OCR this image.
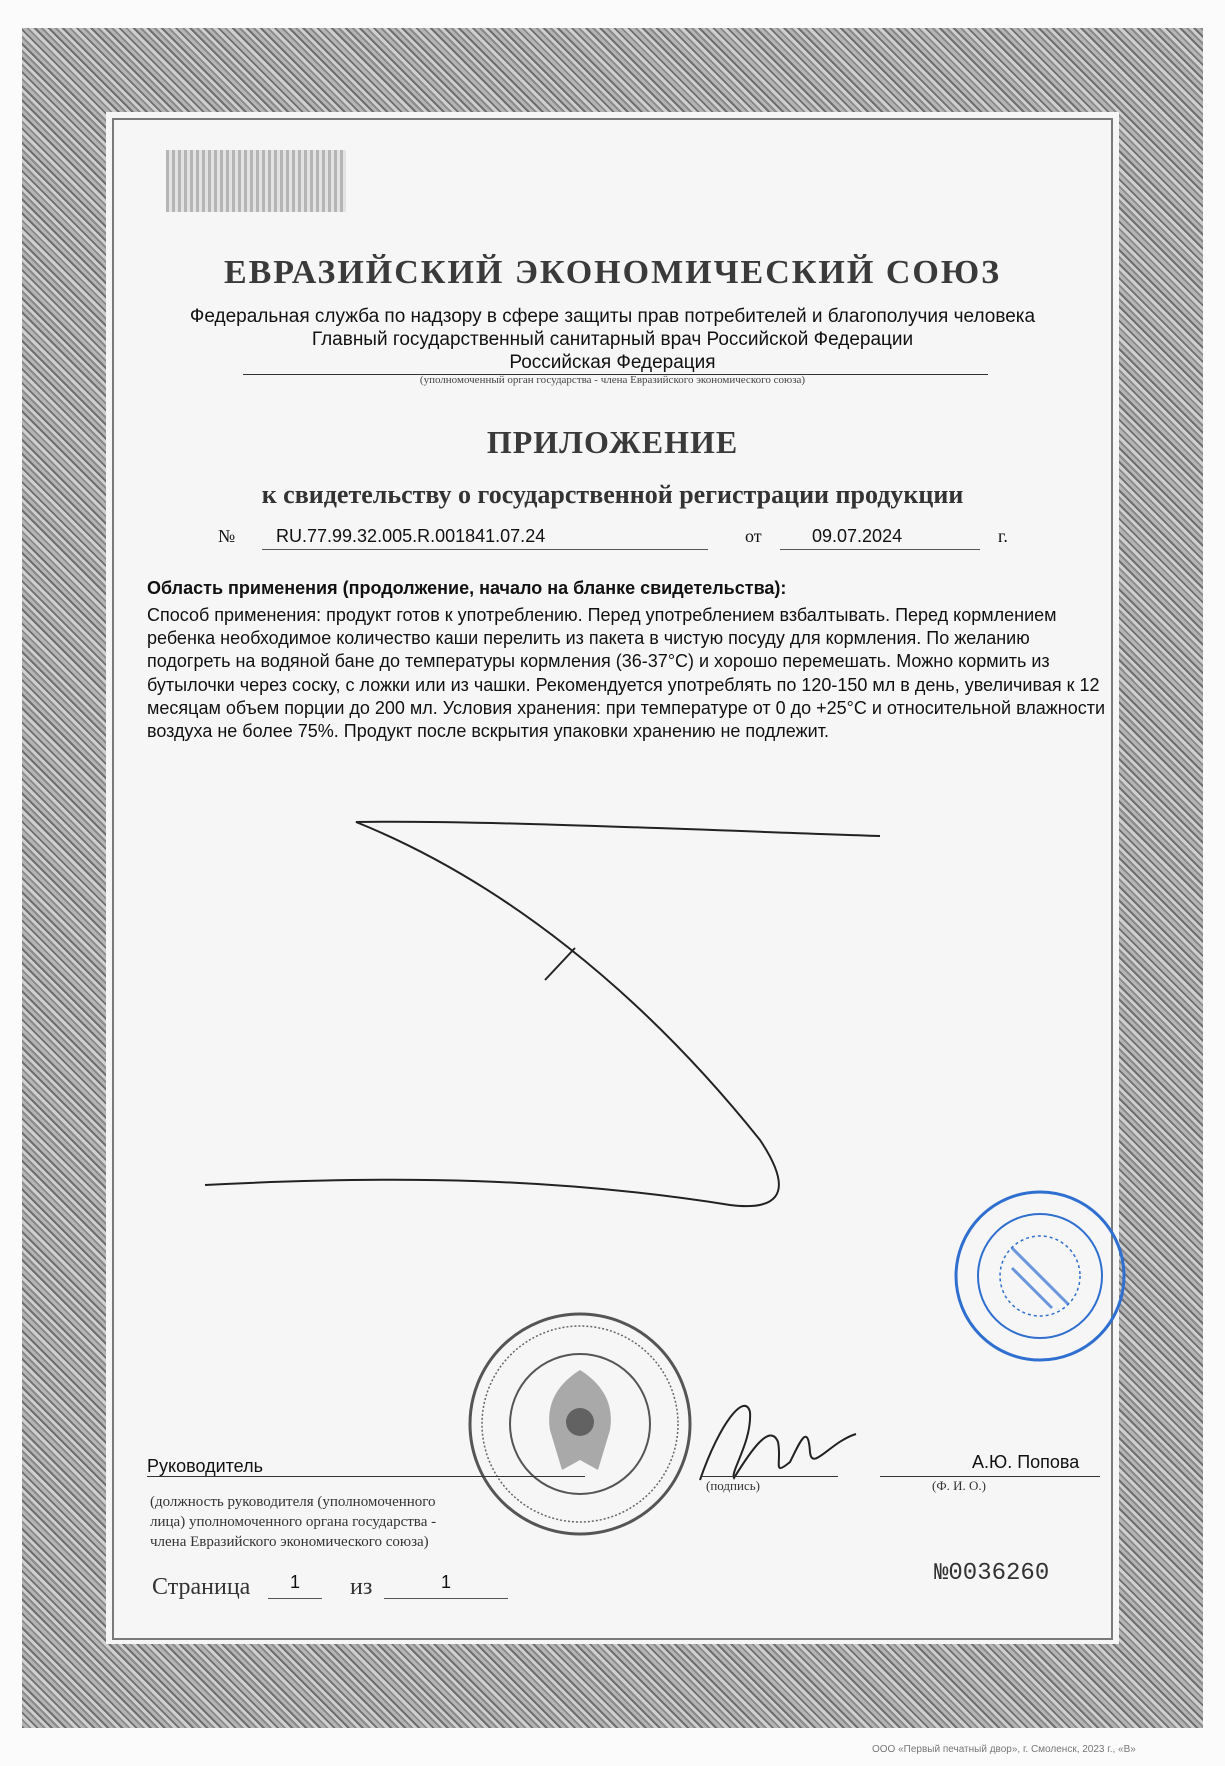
ЕВРАЗИЙСКИЙ ЭКОНОМИЧЕСКИЙ СОЮЗ
Федеральная служба по надзору в сфере защиты прав потребителей и благополучия человека
Главный государственный санитарный врач Российской Федерации
Российская Федерация
(уполномоченный орган государства - члена Евразийского экономического союза)
ПРИЛОЖЕНИЕ
к свидетельству о государственной регистрации продукции
№ RU.77.99.32.005.R.001841.07.24	от	09.07.2024	г.
Область применения (продолжение, начало на бланке свидетельства):
Способ применения: продукт готов к употреблению. Перед употреблением взбалтывать. Перед кормлением ребенка необходимое количество каши перелить из пакета в чистую посуду для кормления. По желанию подогреть на водяной бане до температуры кормления (36-37°С) и хорошо перемешать. Можно кормить из бутылочки через соску, с ложки или из чашки. Рекомендуется употреблять по 120-150 мл в день, увеличивая к 12 месяцам объем порции до 200 мл. Условия хранения: при температуре от 0 до +25°С и относительной влажности воздуха не более 75%. Продукт после вскрытия упаковки хранению не подлежит.
Руководитель	А.Ю. Попова
(должность руководителя (уполномоченного
лица) уполномоченного органа государства -
члена Евразийского экономического союза)
(подпись)	(Ф. И. О.)
Страница	1	из	1	№0036260
ООО «Первый печатный двор», г. Смоленск, 2023 г., «В»
